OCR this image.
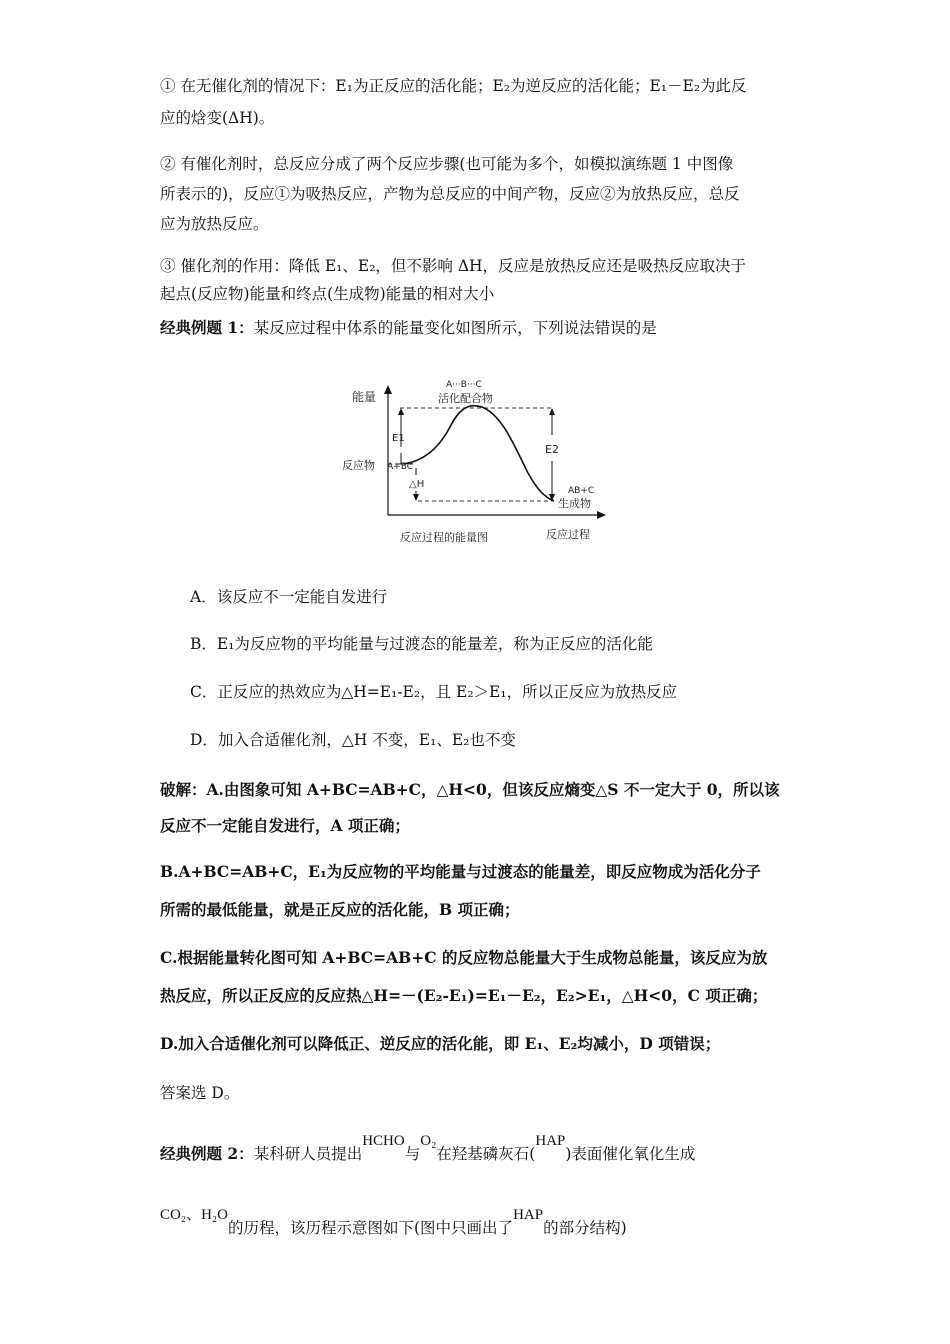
① 在无催化剂的情况下：E₁为正反应的活化能；E₂为逆反应的活化能；E₁－E₂为此反

应的焓变(ΔH)。

② 有催化剂时，总反应分成了两个反应步骤(也可能为多个，如模拟演练题 1 中图像

所表示的)，反应①为吸热反应，产物为总反应的中间产物，反应②为放热反应，总反

应为放热反应。

③ 催化剂的作用：降低 E₁、E₂，但不影响 ΔH，反应是放热反应还是吸热反应取决于

起点(反应物)能量和终点(生成物)能量的相对大小

经典例题 1：某反应过程中体系的能量变化如图所示，下列说法错误的是

能量
A···B···C
活化配合物
E1
E2
反应物 A+BC
△H
AB+C
生成物
反应过程的能量图	反应过程

A．该反应不一定能自发进行

B．E₁为反应物的平均能量与过渡态的能量差，称为正反应的活化能

C．正反应的热效应为△H=E₁-E₂，且 E₂＞E₁，所以正反应为放热反应

D．加入合适催化剂，△H 不变，E₁、E₂也不变

破解：A.由图象可知 A+BC=AB+C，△H<0，但该反应熵变△S 不一定大于 0，所以该

反应不一定能自发进行，A 项正确；

B.A+BC=AB+C，E₁为反应物的平均能量与过渡态的能量差，即反应物成为活化分子

所需的最低能量，就是正反应的活化能，B 项正确；

C.根据能量转化图可知 A+BC=AB+C 的反应物总能量大于生成物总能量，该反应为放

热反应，所以正反应的反应热△H=－(E₂-E₁)=E₁－E₂，E₂>E₁，△H<0，C 项正确；

D.加入合适催化剂可以降低正、逆反应的活化能，即 E₁、E₂均减小，D 项错误；

答案选 D。

经典例题 2：某科研人员提出HCHO与O₂在羟基磷灰石(HAP)表面催化氧化生成

CO₂、H₂O的历程，该历程示意图如下(图中只画出了HAP的部分结构)
